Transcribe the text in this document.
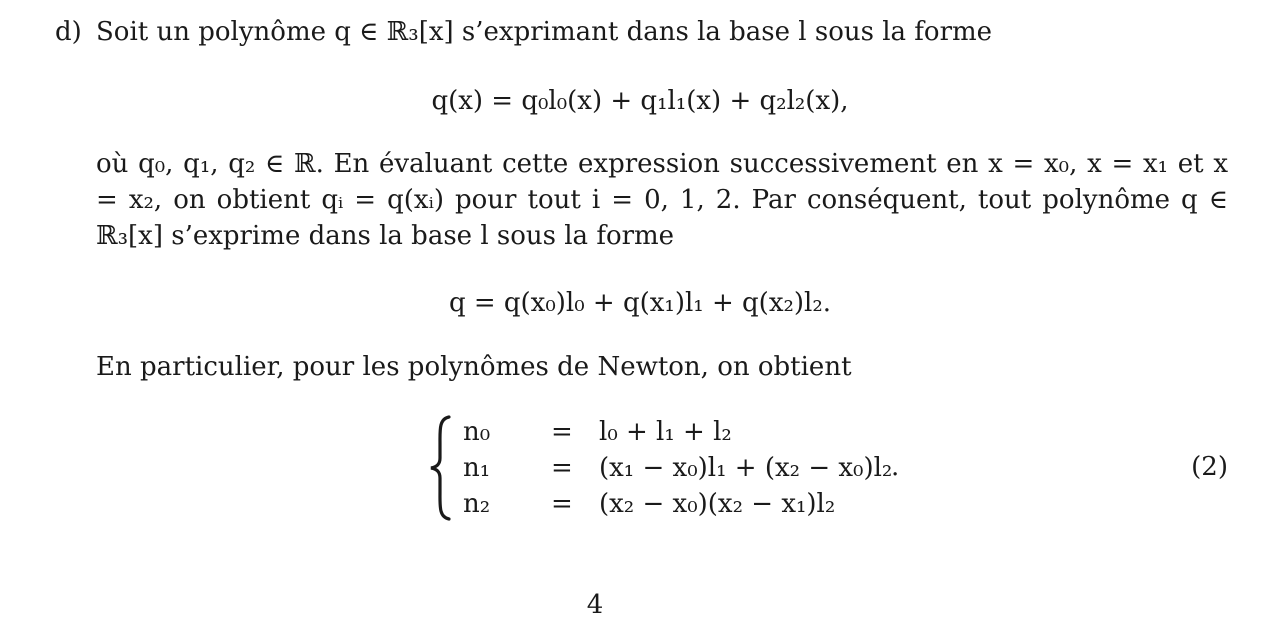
d) Soit un polynôme q ∈ ℝ₃[x] s’exprimant dans la base l sous la forme
q(x) = q₀l₀(x) + q₁l₁(x) + q₂l₂(x),
où q₀, q₁, q₂ ∈ ℝ. En évaluant cette expression successivement en x = x₀, x = x₁ et x = x₂, on obtient qᵢ = q(xᵢ) pour tout i = 0, 1, 2. Par conséquent, tout polynôme q ∈ ℝ₃[x] s’exprime dans la base l sous la forme
q = q(x₀)l₀ + q(x₁)l₁ + q(x₂)l₂.
En particulier, pour les polynômes de Newton, on obtient
n₀ = l₀ + l₁ + l₂
n₁ = (x₁ − x₀)l₁ + (x₂ − x₀)l₂
n₂ = (x₂ − x₀)(x₂ − x₁)l₂
.	(2)
4
